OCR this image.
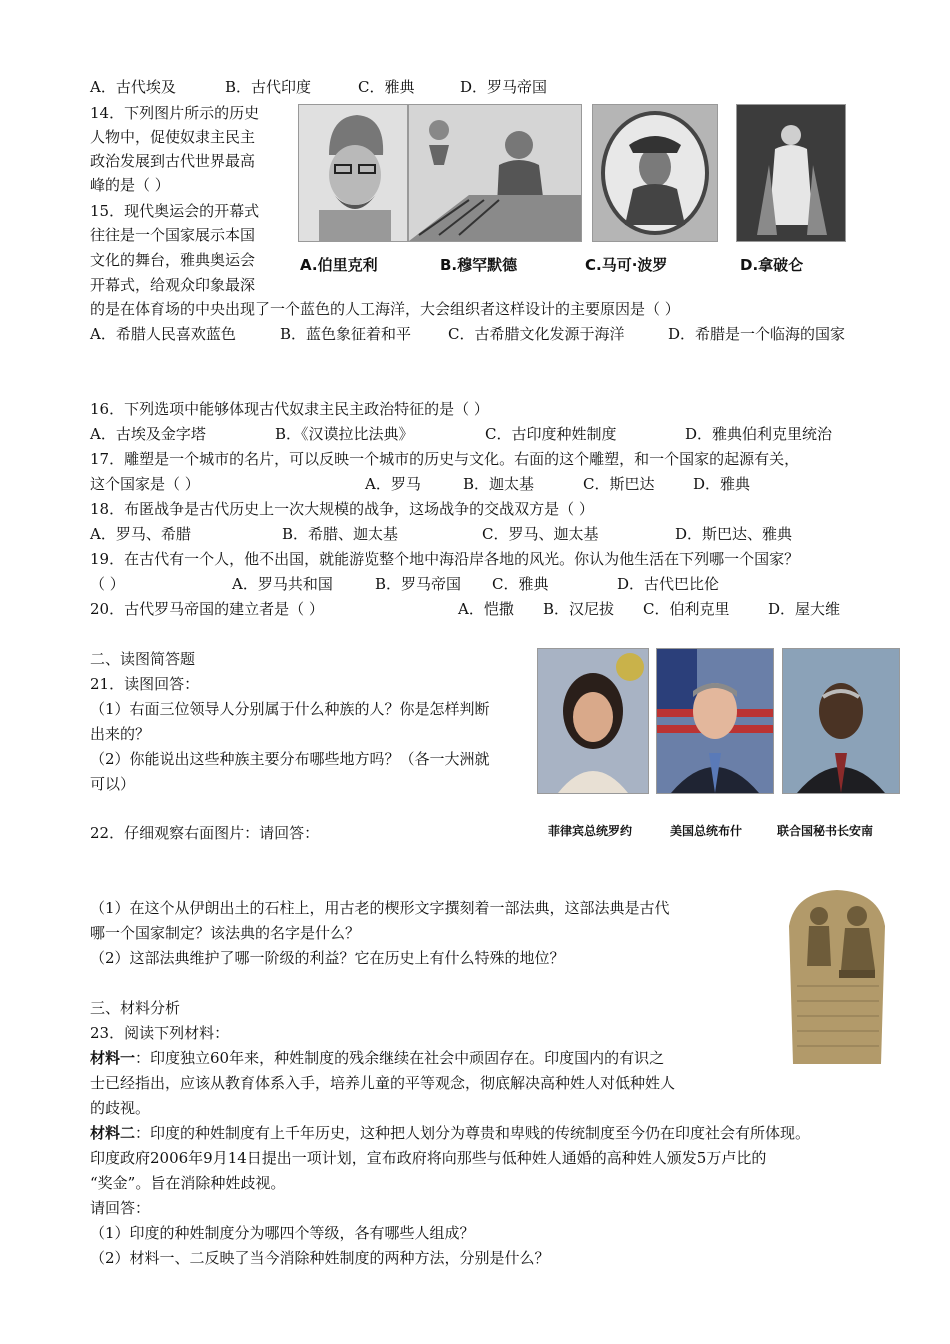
A．古代埃及	B．古代印度	C．雅典	D．罗马帝国
14．下列图片所示的历史
人物中，促使奴隶主民主
政治发展到古代世界最高
峰的是（ ）
A.伯里克利	B.穆罕默德	C.马可·波罗	D.拿破仑
15．现代奥运会的开幕式
往往是一个国家展示本国
文化的舞台，雅典奥运会
开幕式，给观众印象最深
的是在体育场的中央出现了一个蓝色的人工海洋，大会组织者这样设计的主要原因是（ ）
A．希腊人民喜欢蓝色	B．蓝色象征着和平 C．古希腊文化发源于海洋	D．希腊是一个临海的国家
16．下列选项中能够体现古代奴隶主民主政治特征的是（ ）
A．古埃及金字塔	B．《汉谟拉比法典》	C．古印度种姓制度	D．雅典伯利克里统治
17．雕塑是一个城市的名片，可以反映一个城市的历史与文化。右面的这个雕塑，和一个国家的起源有关，
这个国家是（ ）	A．罗马	B．迦太基	C．斯巴达	D．雅典
18．布匿战争是古代历史上一次大规模的战争，这场战争的交战双方是（ ）
A．罗马、希腊	B．希腊、迦太基	C．罗马、迦太基	D．斯巴达、雅典
19．在古代有一个人，他不出国，就能游览整个地中海沿岸各地的风光。你认为他生活在下列哪一个国家？
（ ）	A．罗马共和国	B．罗马帝国 C．雅典	D．古代巴比伦
20．古代罗马帝国的建立者是（ ）	A．恺撒 B．汉尼拔 C．伯利克里	D．屋大维
二、读图简答题
21．读图回答：
（1）右面三位领导人分别属于什么种族的人？你是怎样判断
出来的？
（2）你能说出这些种族主要分布哪些地方吗？（各一大洲就
可以）
菲律宾总统罗约	美国总统布什	联合国秘书长安南
22．仔细观察右面图片：请回答：
（1）在这个从伊朗出土的石柱上，用古老的楔形文字撰刻着一部法典，这部法典是古代
哪一个国家制定？该法典的名字是什么？
（2）这部法典维护了哪一阶级的利益？它在历史上有什么特殊的地位？
三、材料分析
23．阅读下列材料：
材料一：印度独立60年来，种姓制度的残余继续在社会中顽固存在。印度国内的有识之
士已经指出，应该从教育体系入手，培养儿童的平等观念，彻底解决高种姓人对低种姓人
的歧视。
材料二：印度的种姓制度有上千年历史，这种把人划分为尊贵和卑贱的传统制度至今仍在印度社会有所体现。
印度政府2006年9月14日提出一项计划，宣布政府将向那些与低种姓人通婚的高种姓人颁发5万卢比的
“奖金”。旨在消除种姓歧视。
请回答：
（1）印度的种姓制度分为哪四个等级，各有哪些人组成？
（2）材料一、二反映了当今消除种姓制度的两种方法，分别是什么？
